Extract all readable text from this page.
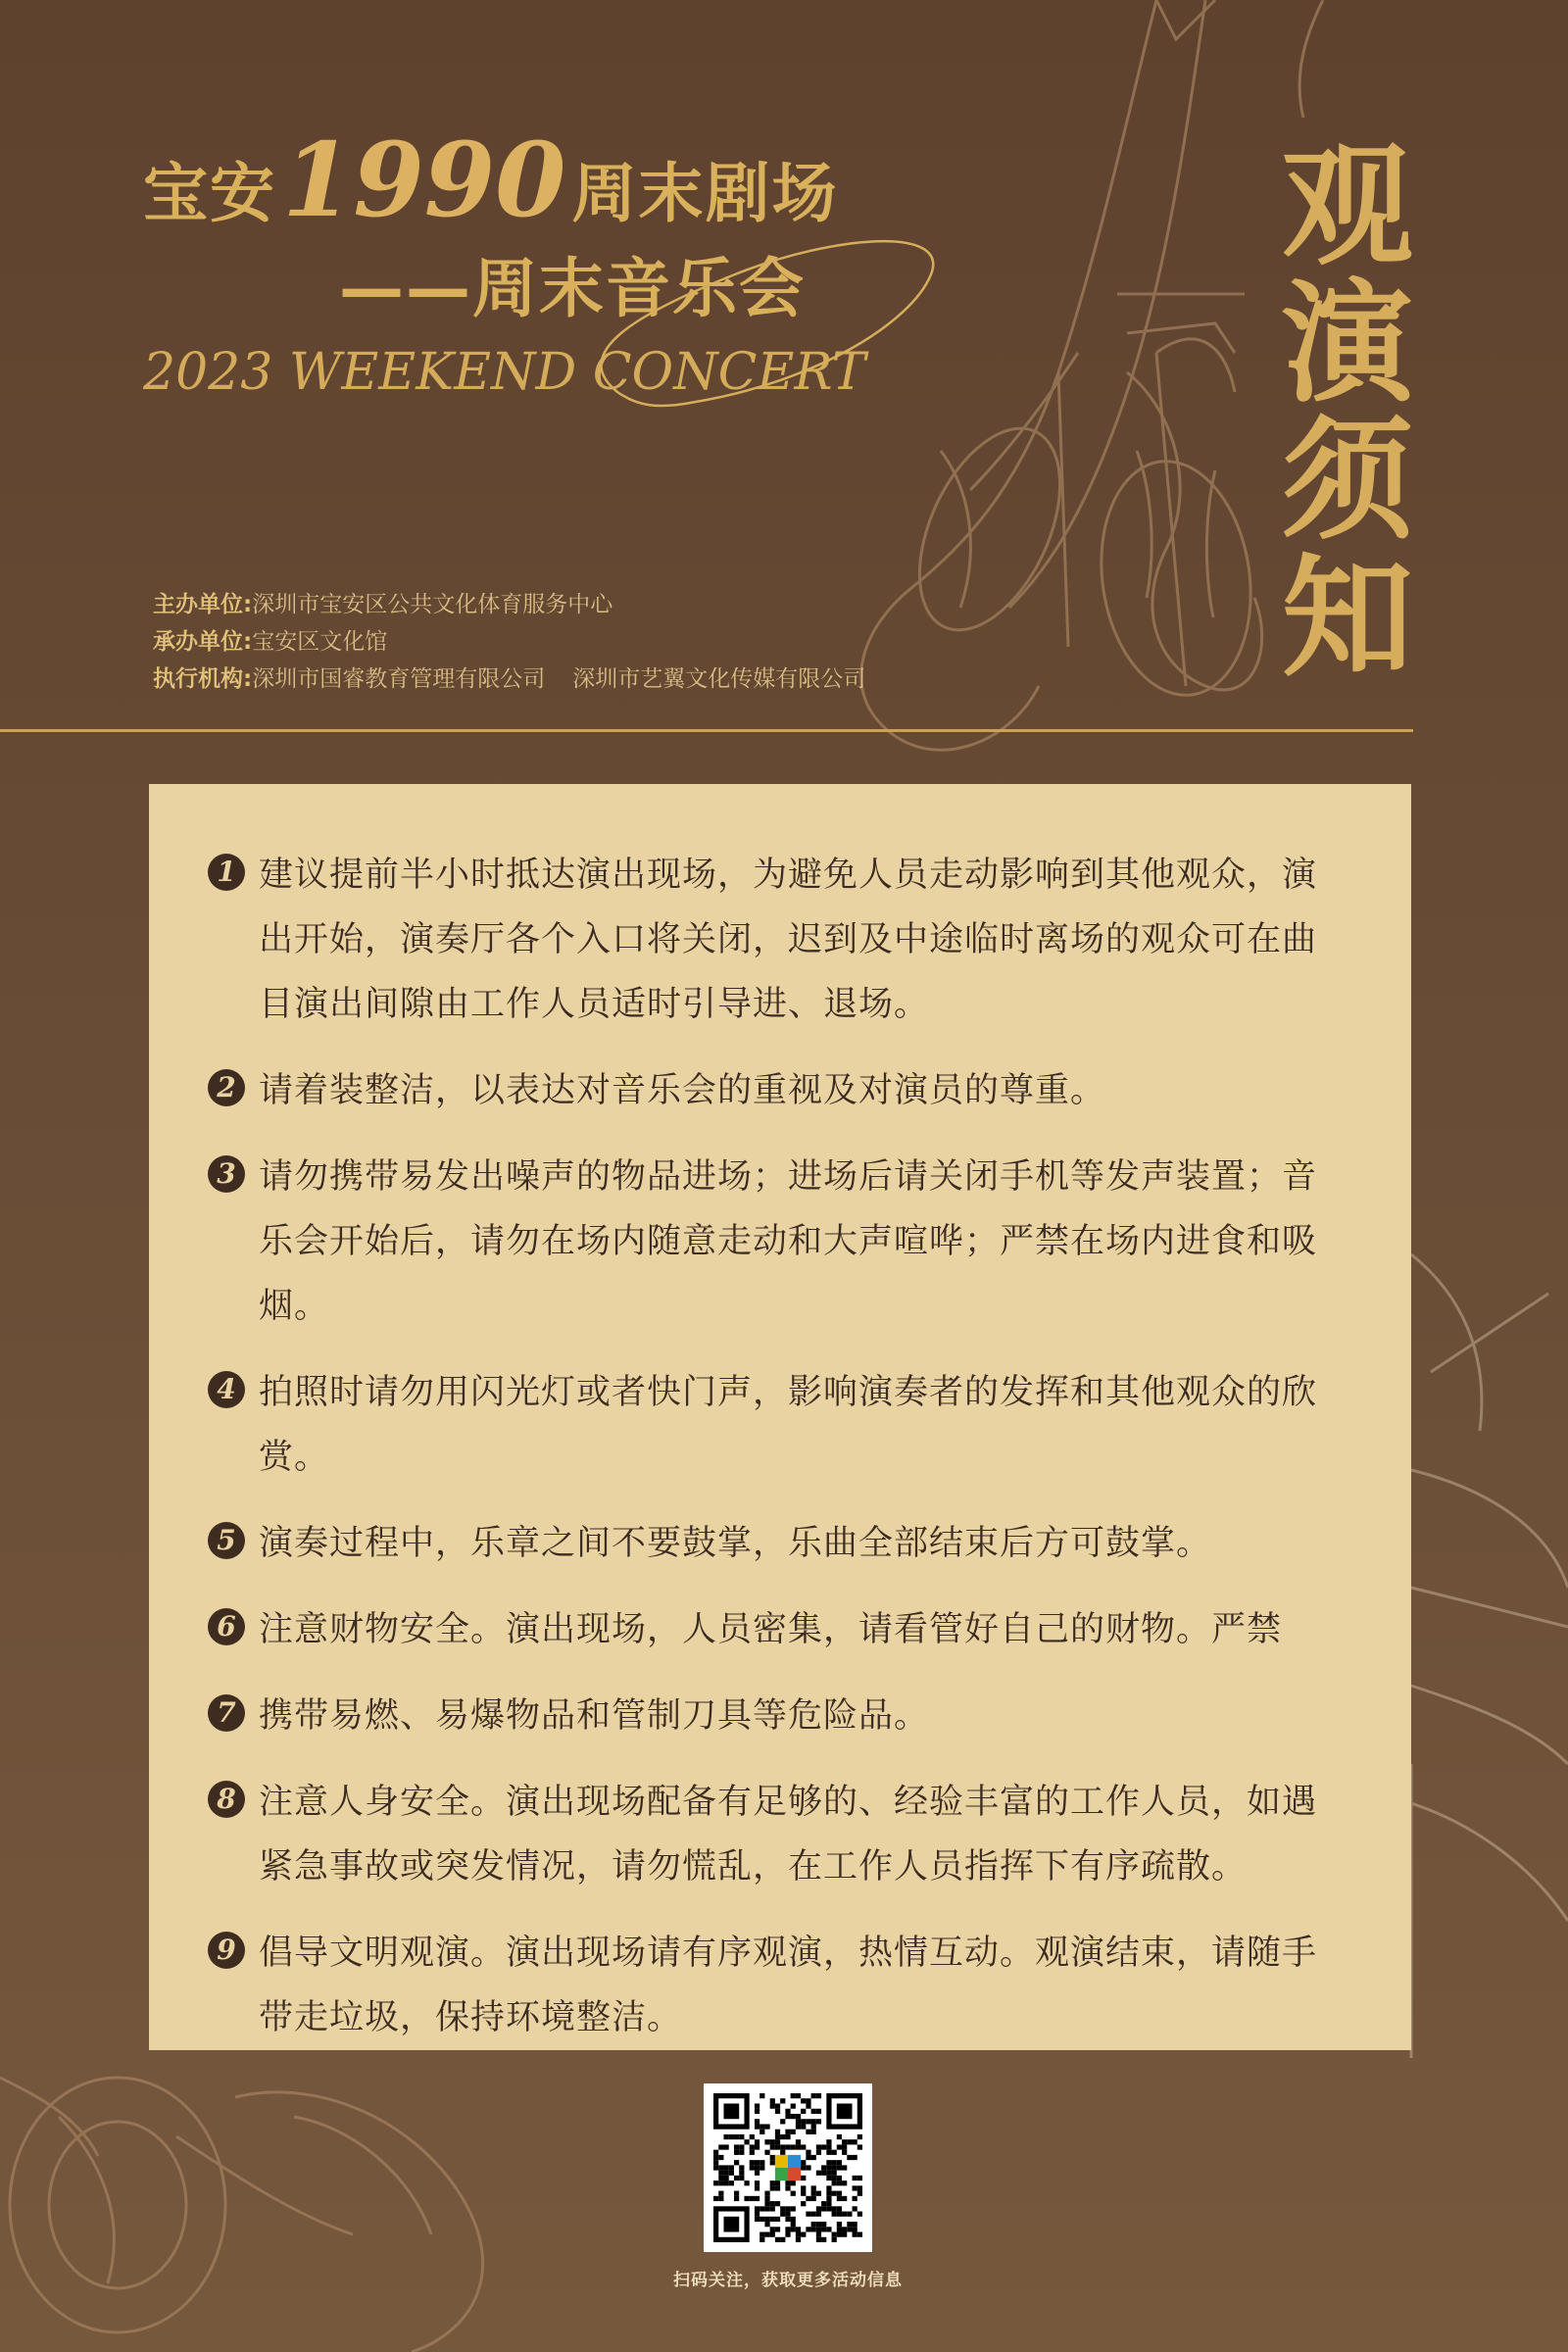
宝安 1990 周末剧场
——周末音乐会
2023 WEEKEND CONCERT
观
演
须
知
主办单位:深圳市宝安区公共文化体育服务中心
承办单位:宝安区文化馆
执行机构:深圳市国睿教育管理有限公司 深圳市艺翼文化传媒有限公司
1 建议提前半小时抵达演出现场，为避免人员走动影响到其他观众，演出开始，演奏厅各个入口将关闭，迟到及中途临时离场的观众可在曲目演出间隙由工作人员适时引导进、退场。
2 请着装整洁，以表达对音乐会的重视及对演员的尊重。
3 请勿携带易发出噪声的物品进场；进场后请关闭手机等发声装置；音乐会开始后，请勿在场内随意走动和大声喧哗；严禁在场内进食和吸烟。
4 拍照时请勿用闪光灯或者快门声，影响演奏者的发挥和其他观众的欣赏。
5 演奏过程中，乐章之间不要鼓掌，乐曲全部结束后方可鼓掌。
6 注意财物安全。演出现场，人员密集，请看管好自己的财物。严禁
7 携带易燃、易爆物品和管制刀具等危险品。
8 注意人身安全。演出现场配备有足够的、经验丰富的工作人员，如遇紧急事故或突发情况，请勿慌乱，在工作人员指挥下有序疏散。
9 倡导文明观演。演出现场请有序观演，热情互动。观演结束，请随手带走垃圾，保持环境整洁。
扫码关注，获取更多活动信息
